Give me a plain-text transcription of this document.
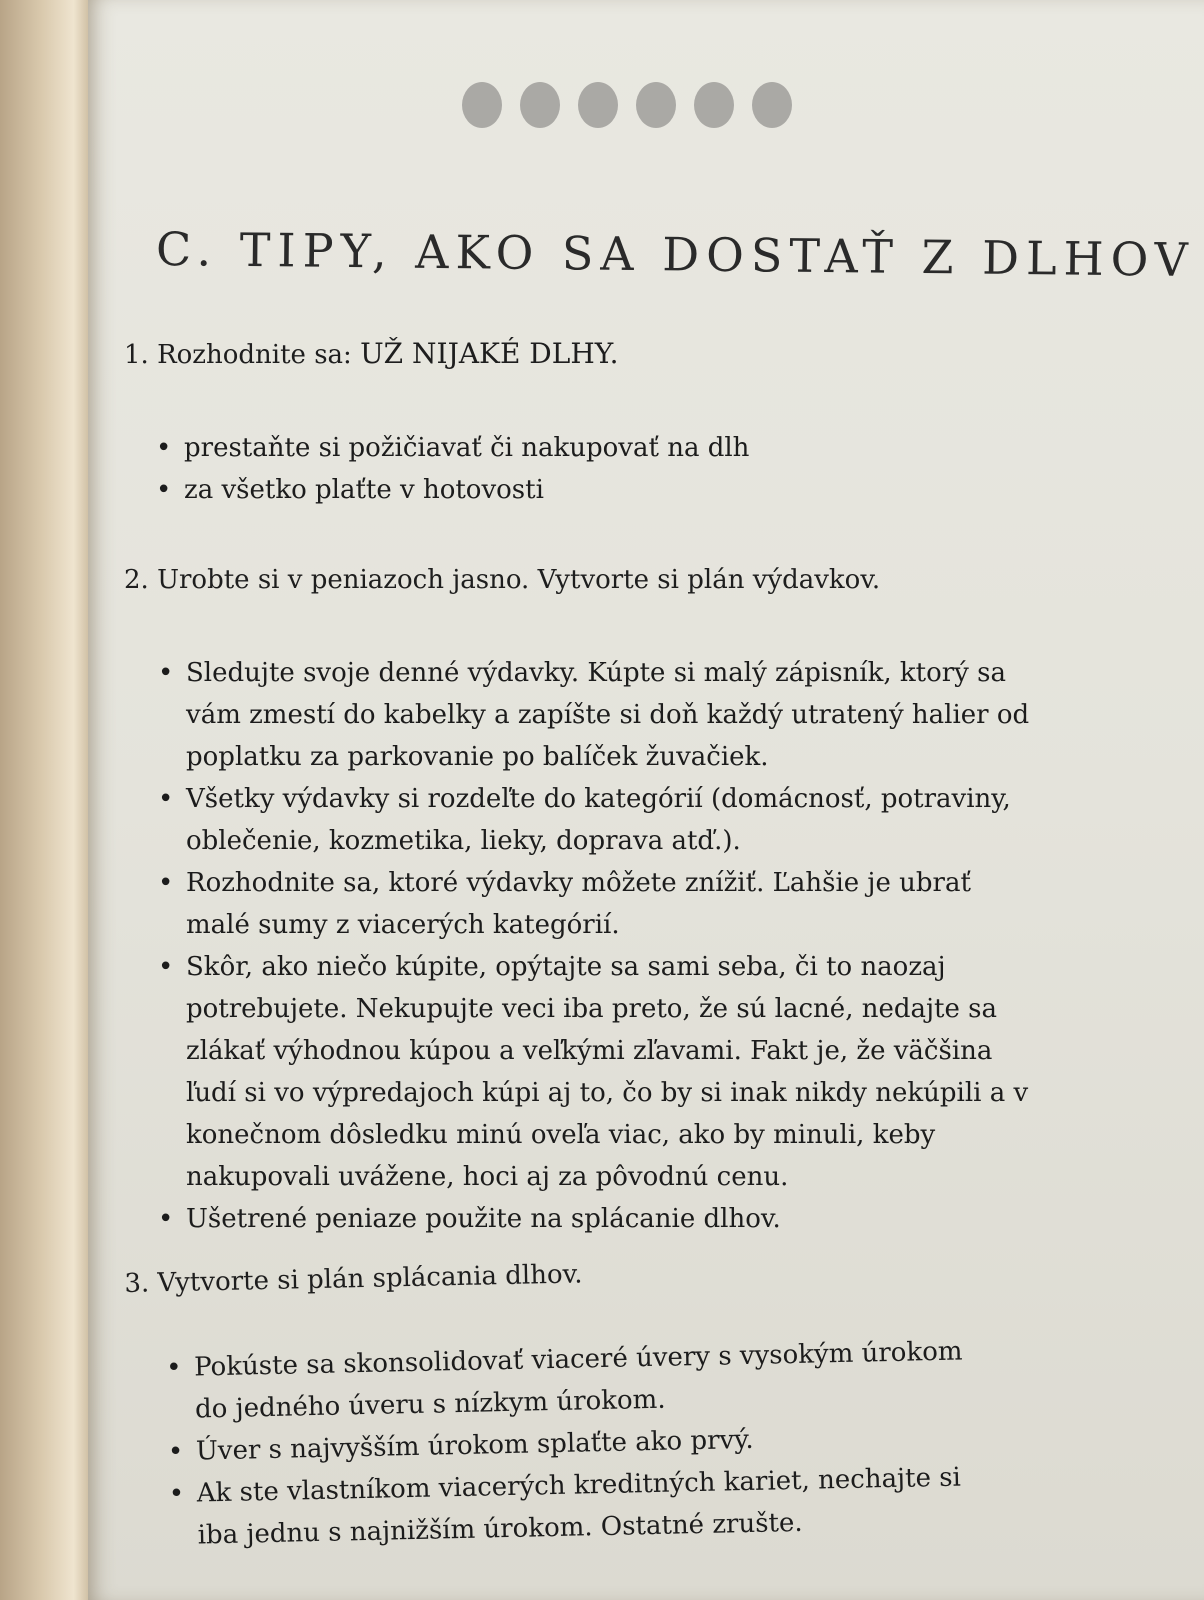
C. TIPY, AKO SA DOSTAŤ Z DLHOV
1. Rozhodnite sa: UŽ NIJAKÉ DLHY.
• prestaňte si požičiavať či nakupovať na dlh
• za všetko plaťte v hotovosti
2. Urobte si v peniazoch jasno. Vytvorte si plán výdavkov.
• Sledujte svoje denné výdavky. Kúpte si malý zápisník, ktorý sa vám zmestí do kabelky a zapíšte si doň každý utratený halier od poplatku za parkovanie po balíček žuvačiek.
• Všetky výdavky si rozdeľte do kategórií (domácnosť, potraviny, oblečenie, kozmetika, lieky, doprava atď.).
• Rozhodnite sa, ktoré výdavky môžete znížiť. Ľahšie je ubrať malé sumy z viacerých kategórií.
• Skôr, ako niečo kúpite, opýtajte sa sami seba, či to naozaj potrebujete. Nekupujte veci iba preto, že sú lacné, nedajte sa zlákať výhodnou kúpou a veľkými zľavami. Fakt je, že väčšina ľudí si vo výpredajoch kúpi aj to, čo by si inak nikdy nekúpili a v konečnom dôsledku minú oveľa viac, ako by minuli, keby nakupovali uvážene, hoci aj za pôvodnú cenu.
• Ušetrené peniaze použite na splácanie dlhov.
3. Vytvorte si plán splácania dlhov.
• Pokúste sa skonsolidovať viaceré úvery s vysokým úrokom do jedného úveru s nízkym úrokom.
• Úver s najvyšším úrokom splaťte ako prvý.
• Ak ste vlastníkom viacerých kreditných kariet, nechajte si iba jednu s najnižším úrokom. Ostatné zrušte.
